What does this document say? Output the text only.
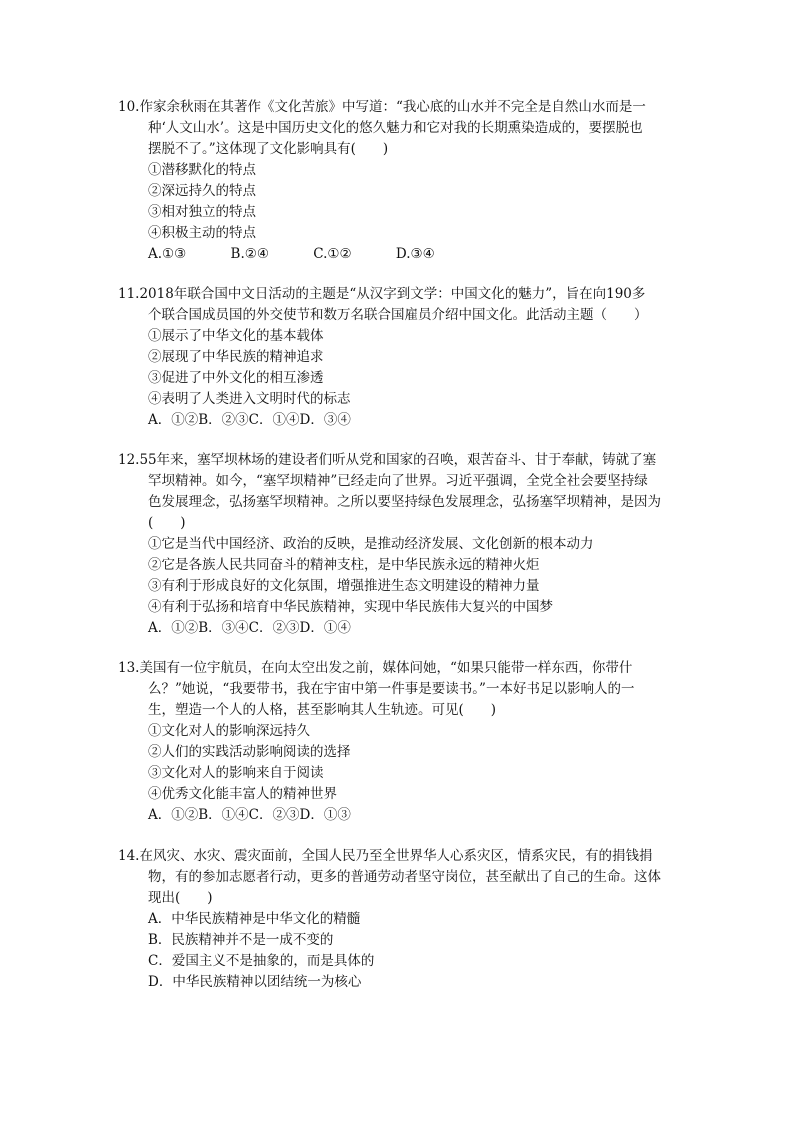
10.作家余秋雨在其著作《文化苦旅》中写道：“我心底的山水并不完全是自然山水而是一
种‘人文山水’。这是中国历史文化的悠久魅力和它对我的长期熏染造成的，要摆脱也
摆脱不了。”这体现了文化影响具有(　　)
①潜移默化的特点
②深远持久的特点
③相对独立的特点
④积极主动的特点
A.①③	B.②④	C.①②	D.③④
11.2018年联合国中文日活动的主题是“从汉字到文学：中国文化的魅力”，旨在向190多
个联合国成员国的外交使节和数万名联合国雇员介绍中国文化。此活动主题（　　）
①展示了中华文化的基本载体
②展现了中华民族的精神追求
③促进了中外文化的相互渗透
④表明了人类进入文明时代的标志
A．①②B．②③C．①④D．③④
12.55年来，塞罕坝林场的建设者们听从党和国家的召唤，艰苦奋斗、甘于奉献，铸就了塞
罕坝精神。如今，“塞罕坝精神”已经走向了世界。习近平强调，全党全社会要坚持绿
色发展理念，弘扬塞罕坝精神。之所以要坚持绿色发展理念，弘扬塞罕坝精神，是因为
(　　)
①它是当代中国经济、政治的反映，是推动经济发展、文化创新的根本动力
②它是各族人民共同奋斗的精神支柱，是中华民族永远的精神火炬
③有利于形成良好的文化氛围，增强推进生态文明建设的精神力量
④有利于弘扬和培育中华民族精神，实现中华民族伟大复兴的中国梦
A．①②B．③④C．②③D．①④
13.美国有一位宇航员，在向太空出发之前，媒体问她，“如果只能带一样东西，你带什
么？”她说，“我要带书，我在宇宙中第一件事是要读书。”一本好书足以影响人的一
生，塑造一个人的人格，甚至影响其人生轨迹。可见(　　)
①文化对人的影响深远持久
②人们的实践活动影响阅读的选择
③文化对人的影响来自于阅读
④优秀文化能丰富人的精神世界
A．①②B．①④C．②③D．①③
14.在风灾、水灾、震灾面前，全国人民乃至全世界华人心系灾区，情系灾民，有的捐钱捐
物，有的参加志愿者行动，更多的普通劳动者坚守岗位，甚至献出了自己的生命。这体
现出(　　)
A．中华民族精神是中华文化的精髓
B．民族精神并不是一成不变的
C．爱国主义不是抽象的，而是具体的
D．中华民族精神以团结统一为核心
